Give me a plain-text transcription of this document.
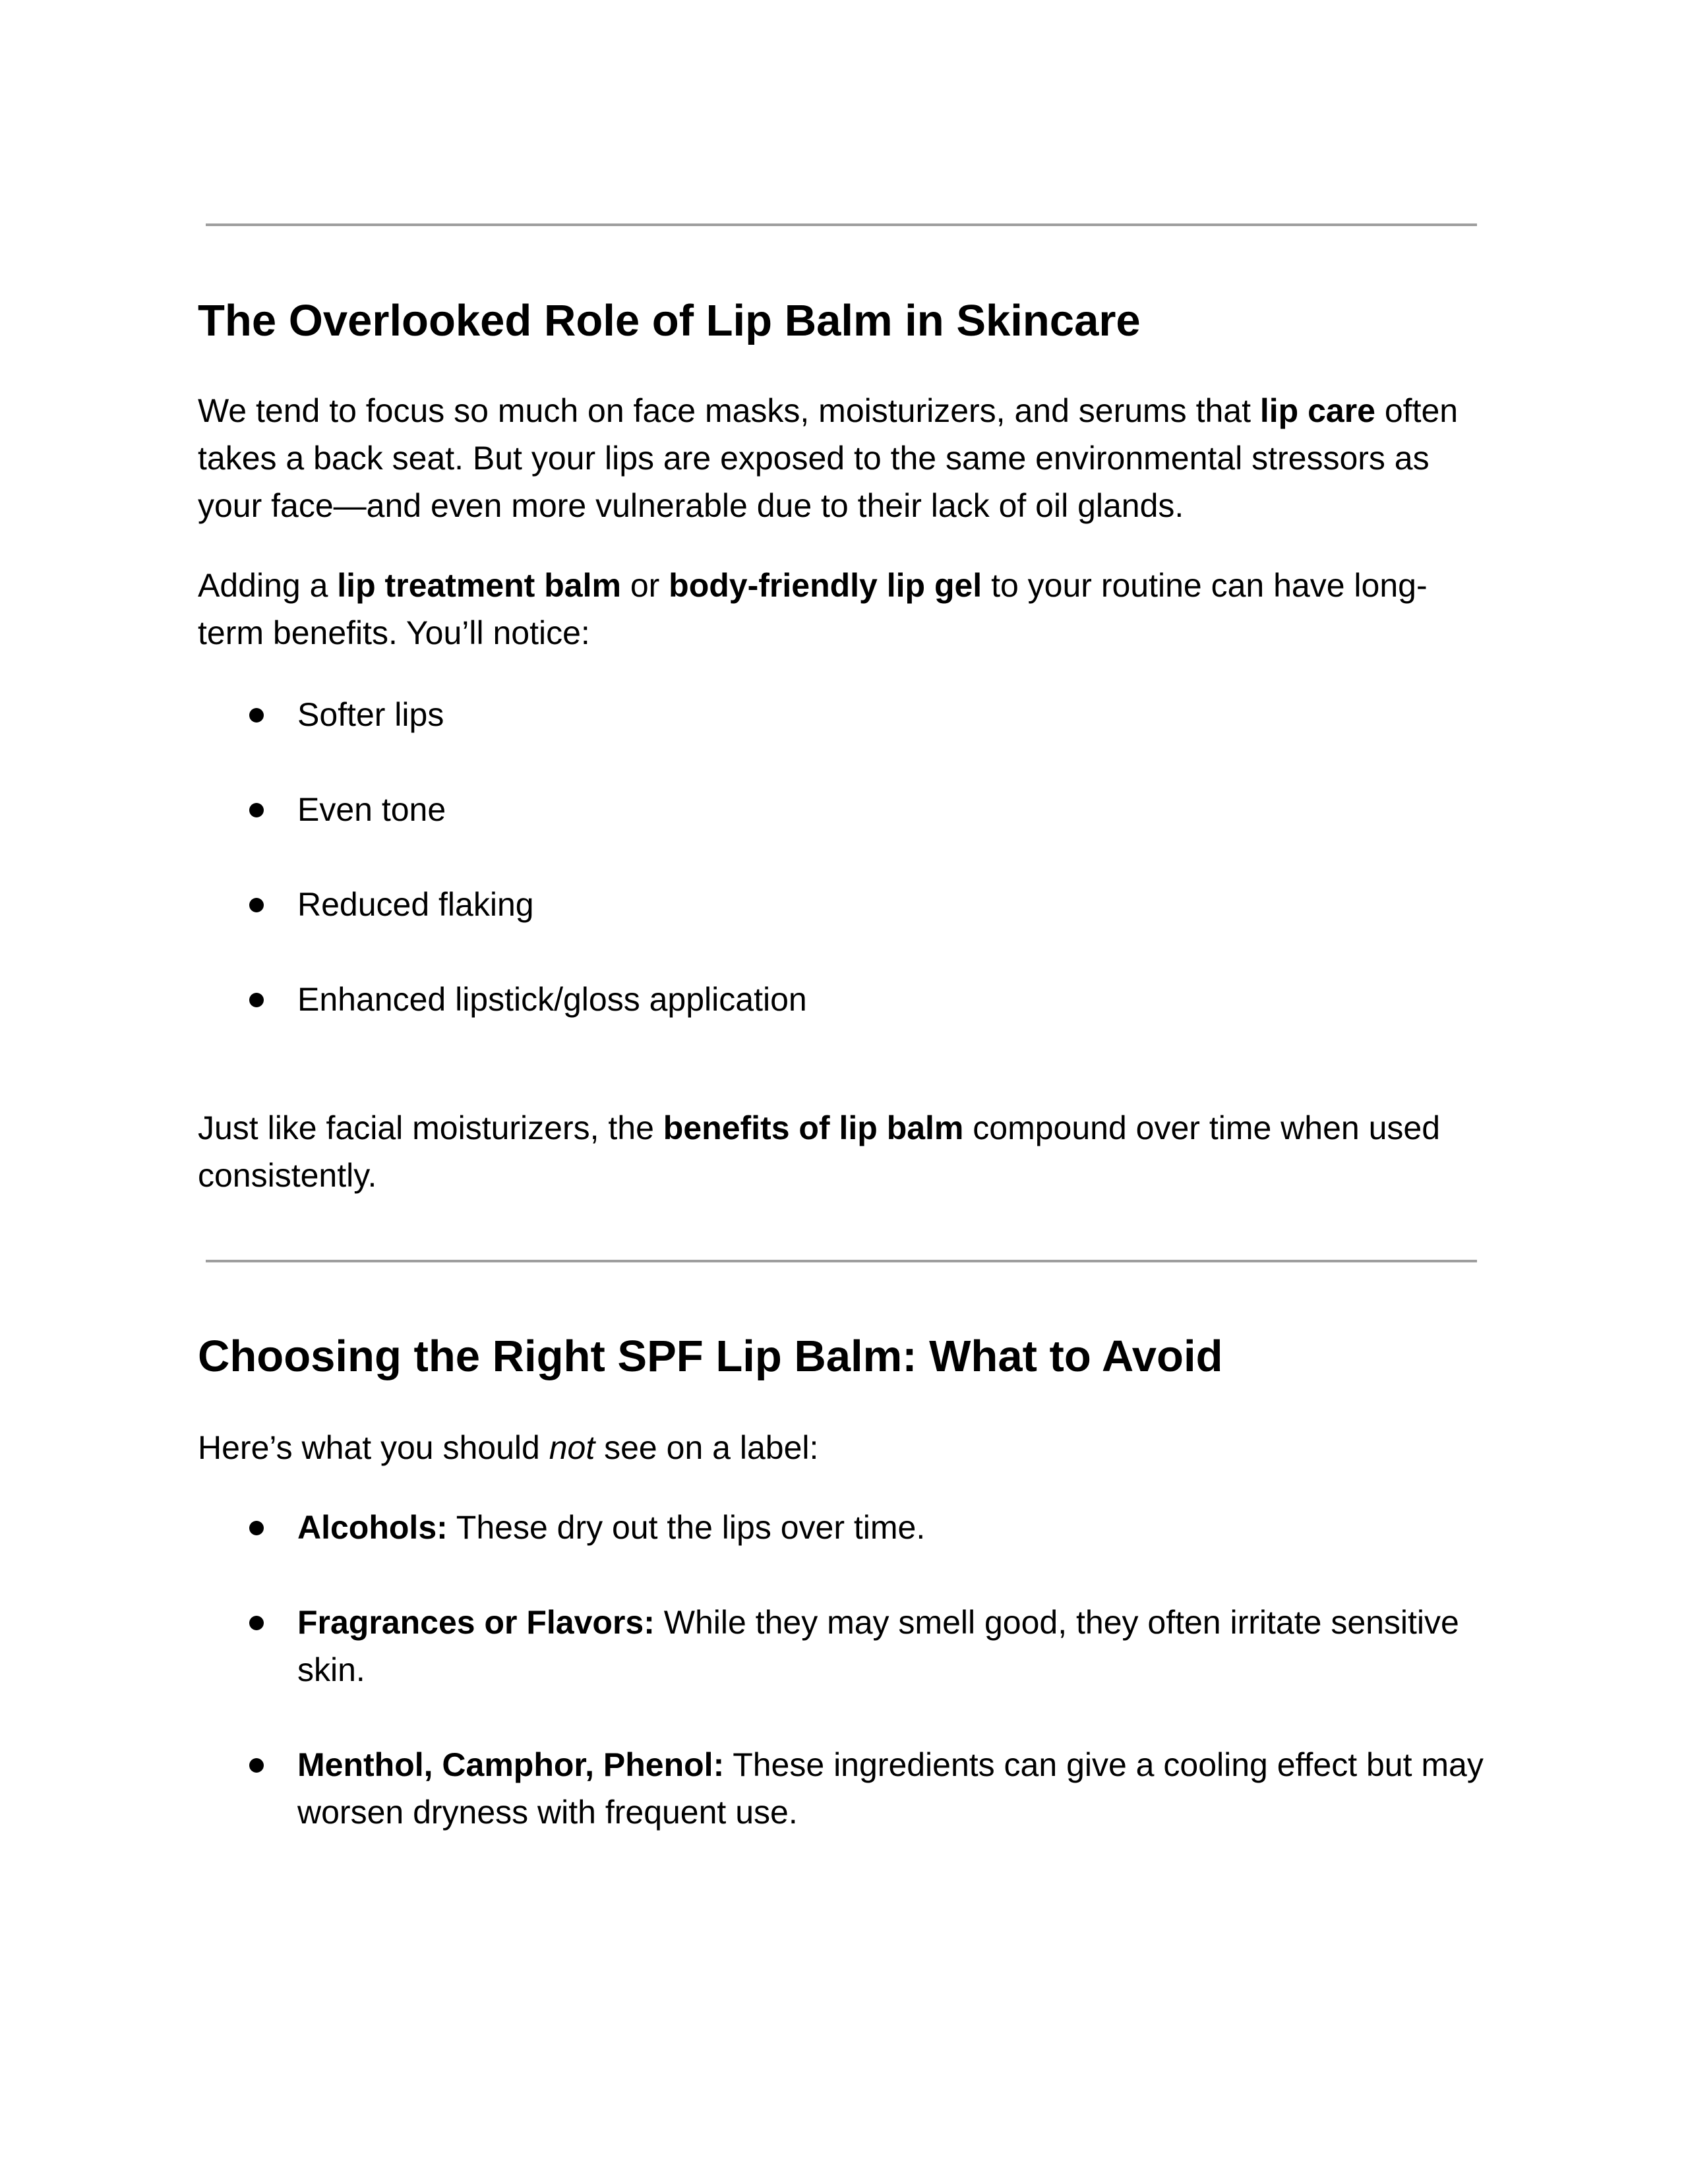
The Overlooked Role of Lip Balm in Skincare

We tend to focus so much on face masks, moisturizers, and serums that lip care often takes a back seat. But your lips are exposed to the same environmental stressors as your face—and even more vulnerable due to their lack of oil glands.

Adding a lip treatment balm or body-friendly lip gel to your routine can have long-term benefits. You’ll notice:

Softer lips

Even tone

Reduced flaking

Enhanced lipstick/gloss application

Just like facial moisturizers, the benefits of lip balm compound over time when used consistently.

Choosing the Right SPF Lip Balm: What to Avoid

Here’s what you should not see on a label:

Alcohols: These dry out the lips over time.

Fragrances or Flavors: While they may smell good, they often irritate sensitive skin.

Menthol, Camphor, Phenol: These ingredients can give a cooling effect but may worsen dryness with frequent use.
